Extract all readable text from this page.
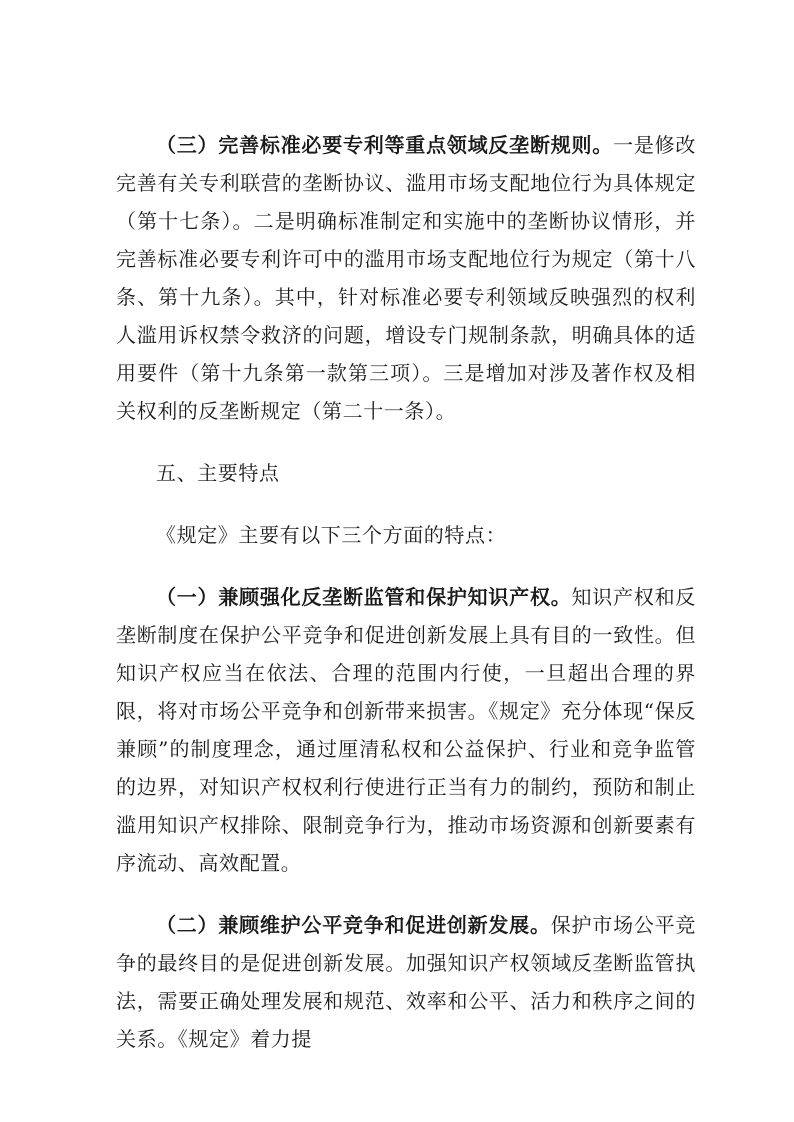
（三）完善标准必要专利等重点领域反垄断规则。一是修改完善有关专利联营的垄断协议、滥用市场支配地位行为具体规定（第十七条）。二是明确标准制定和实施中的垄断协议情形，并完善标准必要专利许可中的滥用市场支配地位行为规定（第十八条、第十九条）。其中，针对标准必要专利领域反映强烈的权利人滥用诉权禁令救济的问题，增设专门规制条款，明确具体的适用要件（第十九条第一款第三项）。三是增加对涉及著作权及相关权利的反垄断规定（第二十一条）。

五、主要特点

《规定》主要有以下三个方面的特点：

（一）兼顾强化反垄断监管和保护知识产权。知识产权和反垄断制度在保护公平竞争和促进创新发展上具有目的一致性。但知识产权应当在依法、合理的范围内行使，一旦超出合理的界限，将对市场公平竞争和创新带来损害。《规定》充分体现“保反兼顾”的制度理念，通过厘清私权和公益保护、行业和竞争监管的边界，对知识产权权利行使进行正当有力的制约，预防和制止滥用知识产权排除、限制竞争行为，推动市场资源和创新要素有序流动、高效配置。

（二）兼顾维护公平竞争和促进创新发展。保护市场公平竞争的最终目的是促进创新发展。加强知识产权领域反垄断监管执法，需要正确处理发展和规范、效率和公平、活力和秩序之间的关系。《规定》着力提
